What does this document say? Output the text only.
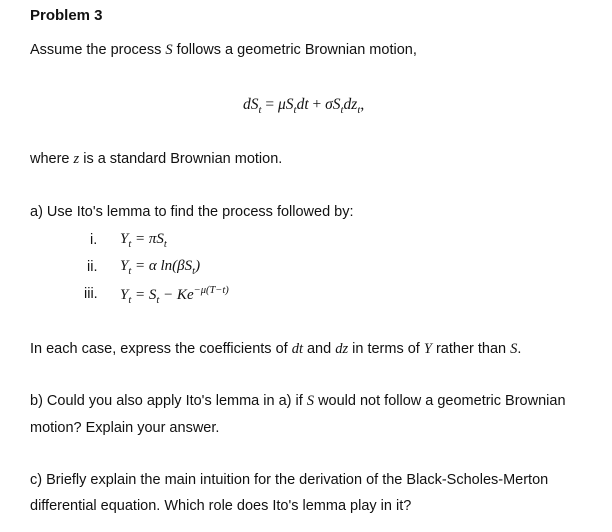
Problem 3
Assume the process S follows a geometric Brownian motion,
$dS_t = \mu S_tdt + \sigma S_tdz_t$,
where z is a standard Brownian motion.
a) Use Ito's lemma to find the process followed by:
i. $Y_t = \pi S_t$
ii. $Y_t = \alpha$ $\ln(\beta S_t)$
iii. $Y_t = S_t - Ke^{-\mu(T-t)}$
In each case, express the coefficients of dt and dz in terms of Y rather than S.
b) Could you also apply Ito's lemma in a) if S would not follow a geometric Brownian
motion? Explain your answer.
c) Briefly explain the main intuition for the derivation of the Black-Scholes-Merton
differential equation. Which role does Ito's lemma play in it?
